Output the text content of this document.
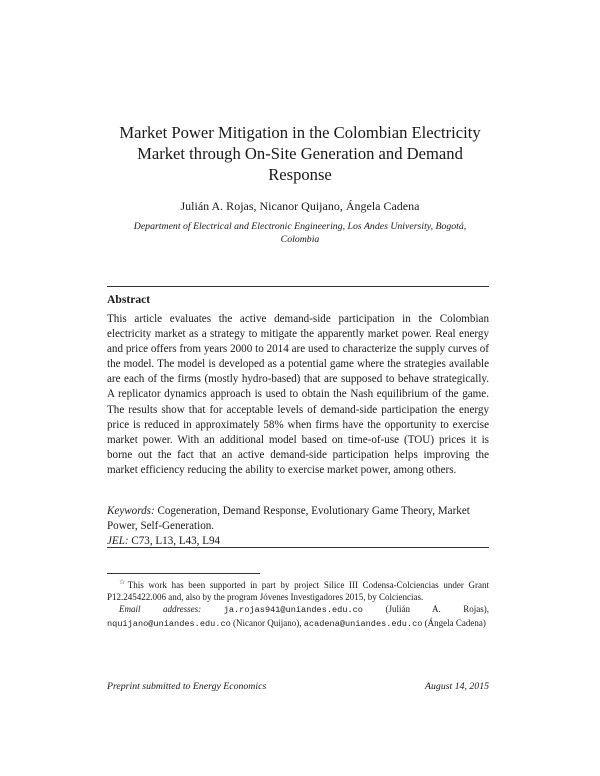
Market Power Mitigation in the Colombian Electricity
Market through On-Site Generation and Demand
Response
Julián A. Rojas, Nicanor Quijano, Ángela Cadena
Department of Electrical and Electronic Engineering, Los Andes University, Bogotá,
Colombia
Abstract

This article evaluates the active demand-side participation in the Colombian electricity market as a strategy to mitigate the apparently market power. Real energy and price offers from years 2000 to 2014 are used to characterize the supply curves of the model. The model is developed as a potential game where the strategies available are each of the firms (mostly hydro-based) that are supposed to behave strategically. A replicator dynamics approach is used to obtain the Nash equilibrium of the game. The results show that for acceptable levels of demand-side participation the energy price is reduced in approximately 58% when firms have the opportunity to exercise market power. With an additional model based on time-of-use (TOU) prices it is borne out the fact that an active demand-side participation helps improving the market efficiency reducing the ability to exercise market power, among others.

Keywords: Cogeneration, Demand Response, Evolutionary Game Theory, Market Power, Self-Generation.
JEL: C73, L13, L43, L94

☆This work has been supported in part by project Silice III Codensa-Colciencias under Grant P12.245422.006 and, also by the program Jóvenes Investigadores 2015, by Colciencias.

Email addresses:	ja.rojas941@uniandes.edu.co	(Julián A. Rojas), nquijano@uniandes.edu.co (Nicanor Quijano), acadena@uniandes.edu.co (Ángela Cadena)

Preprint submitted to Energy Economics	August 14, 2015
